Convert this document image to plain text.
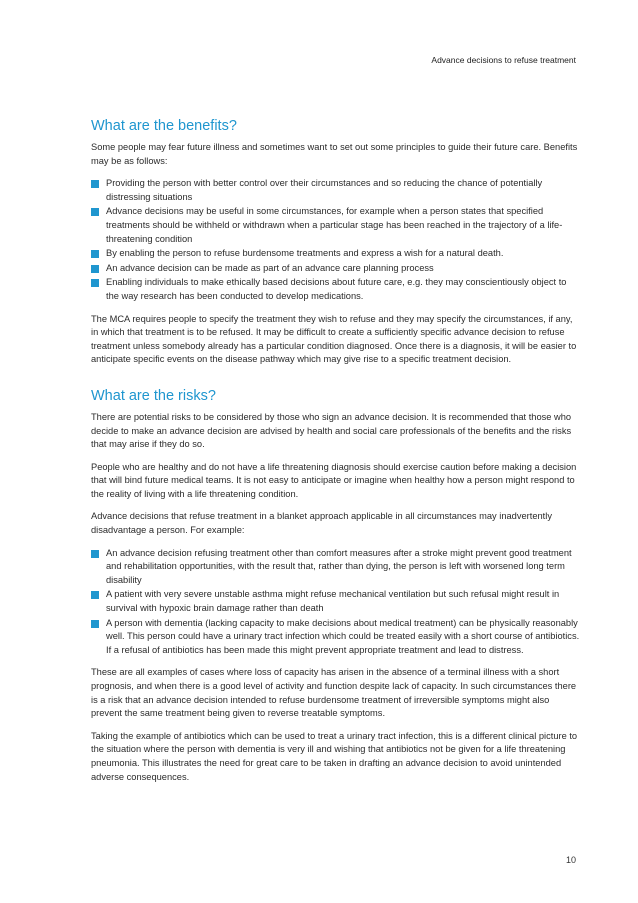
Advance decisions to refuse treatment
What are the benefits?

Some people may fear future illness and sometimes want to set out some principles to guide their future care. Benefits may be as follows:

Providing the person with better control over their circumstances and so reducing the chance of potentially distressing situations
Advance decisions may be useful in some circumstances, for example when a person states that specified treatments should be withheld or withdrawn when a particular stage has been reached in the trajectory of a life-threatening condition
By enabling the person to refuse burdensome treatments and express a wish for a natural death.
An advance decision can be made as part of an advance care planning process
Enabling individuals to make ethically based decisions about future care, e.g. they may conscientiously object to the way research has been conducted to develop medications.

The MCA requires people to specify the treatment they wish to refuse and they may specify the circumstances, if any, in which that treatment is to be refused. It may be difficult to create a sufficiently specific advance decision to refuse treatment unless somebody already has a particular condition diagnosed. Once there is a diagnosis, it will be easier to anticipate specific events on the disease pathway which may give rise to a specific treatment decision.

What are the risks?

There are potential risks to be considered by those who sign an advance decision. It is recommended that those who decide to make an advance decision are advised by health and social care professionals of the benefits and the risks that may arise if they do so.

People who are healthy and do not have a life threatening diagnosis should exercise caution before making a decision that will bind future medical teams. It is not easy to anticipate or imagine when healthy how a person might respond to the reality of living with a life threatening condition.

Advance decisions that refuse treatment in a blanket approach applicable in all circumstances may inadvertently disadvantage a person. For example:

An advance decision refusing treatment other than comfort measures after a stroke might prevent good treatment and rehabilitation opportunities, with the result that, rather than dying, the person is left with worsened long term disability
A patient with very severe unstable asthma might refuse mechanical ventilation but such refusal might result in survival with hypoxic brain damage rather than death
A person with dementia (lacking capacity to make decisions about medical treatment) can be physically reasonably well. This person could have a urinary tract infection which could be treated easily with a short course of antibiotics. If a refusal of antibiotics has been made this might prevent appropriate treatment and lead to distress.

These are all examples of cases where loss of capacity has arisen in the absence of a terminal illness with a short prognosis, and when there is a good level of activity and function despite lack of capacity. In such circumstances there is a risk that an advance decision intended to refuse burdensome treatment of irreversible symptoms might also prevent the same treatment being given to reverse treatable symptoms.

Taking the example of antibiotics which can be used to treat a urinary tract infection, this is a different clinical picture to the situation where the person with dementia is very ill and wishing that antibiotics not be given for a life threatening pneumonia. This illustrates the need for great care to be taken in drafting an advance decision to avoid unintended adverse consequences.

10
